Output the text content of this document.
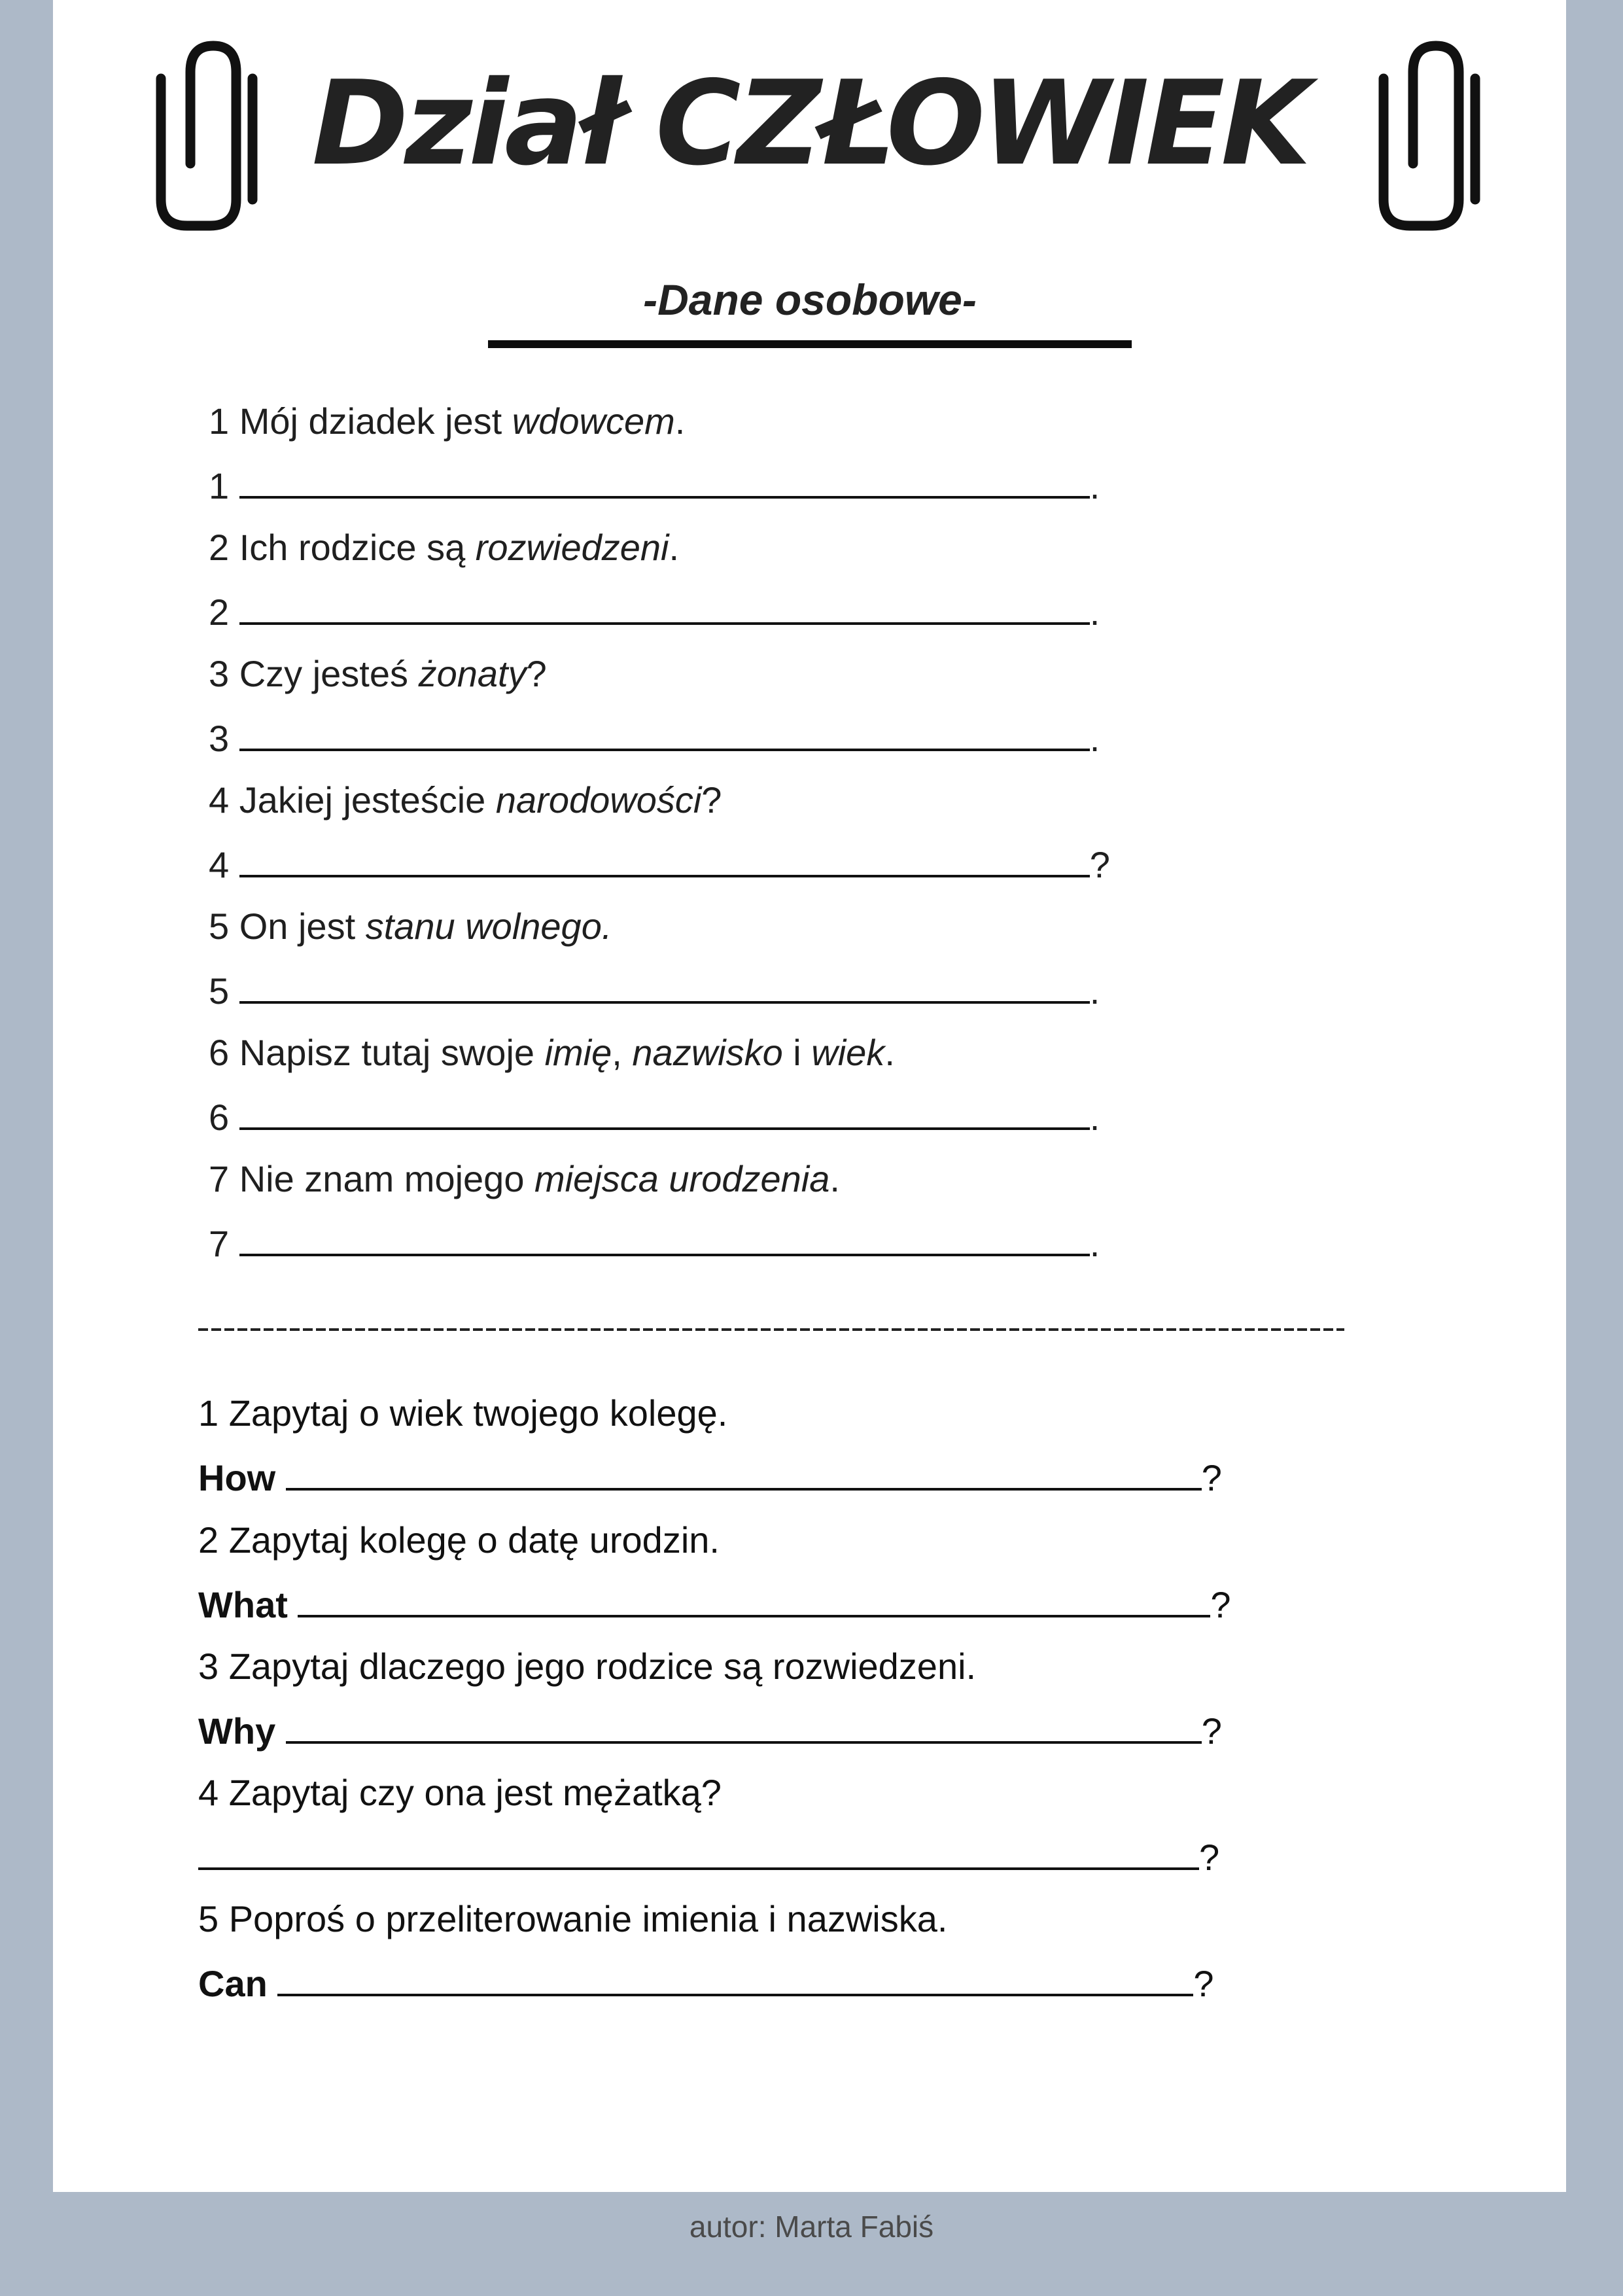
Dział CZŁOWIEK
-Dane osobowe-
1 Mój dziadek jest wdowcem.
1	.
2 Ich rodzice są rozwiedzeni.
2	.
3 Czy jesteś żonaty?
3	.
4 Jakiej jesteście narodowości?
4	?
5 On jest stanu wolnego.
5	.
6 Napisz tutaj swoje imię, nazwisko i wiek.
6	.
7 Nie znam mojego miejsca urodzenia.
7	.
1 Zapytaj o wiek twojego kolegę.
How	?
2 Zapytaj kolegę o datę urodzin.
What	?
3 Zapytaj dlaczego jego rodzice są rozwiedzeni.
Why	?
4 Zapytaj czy ona jest mężatką?
?
5 Poproś o przeliterowanie imienia i nazwiska.
Can	?
autor: Marta Fabiś
